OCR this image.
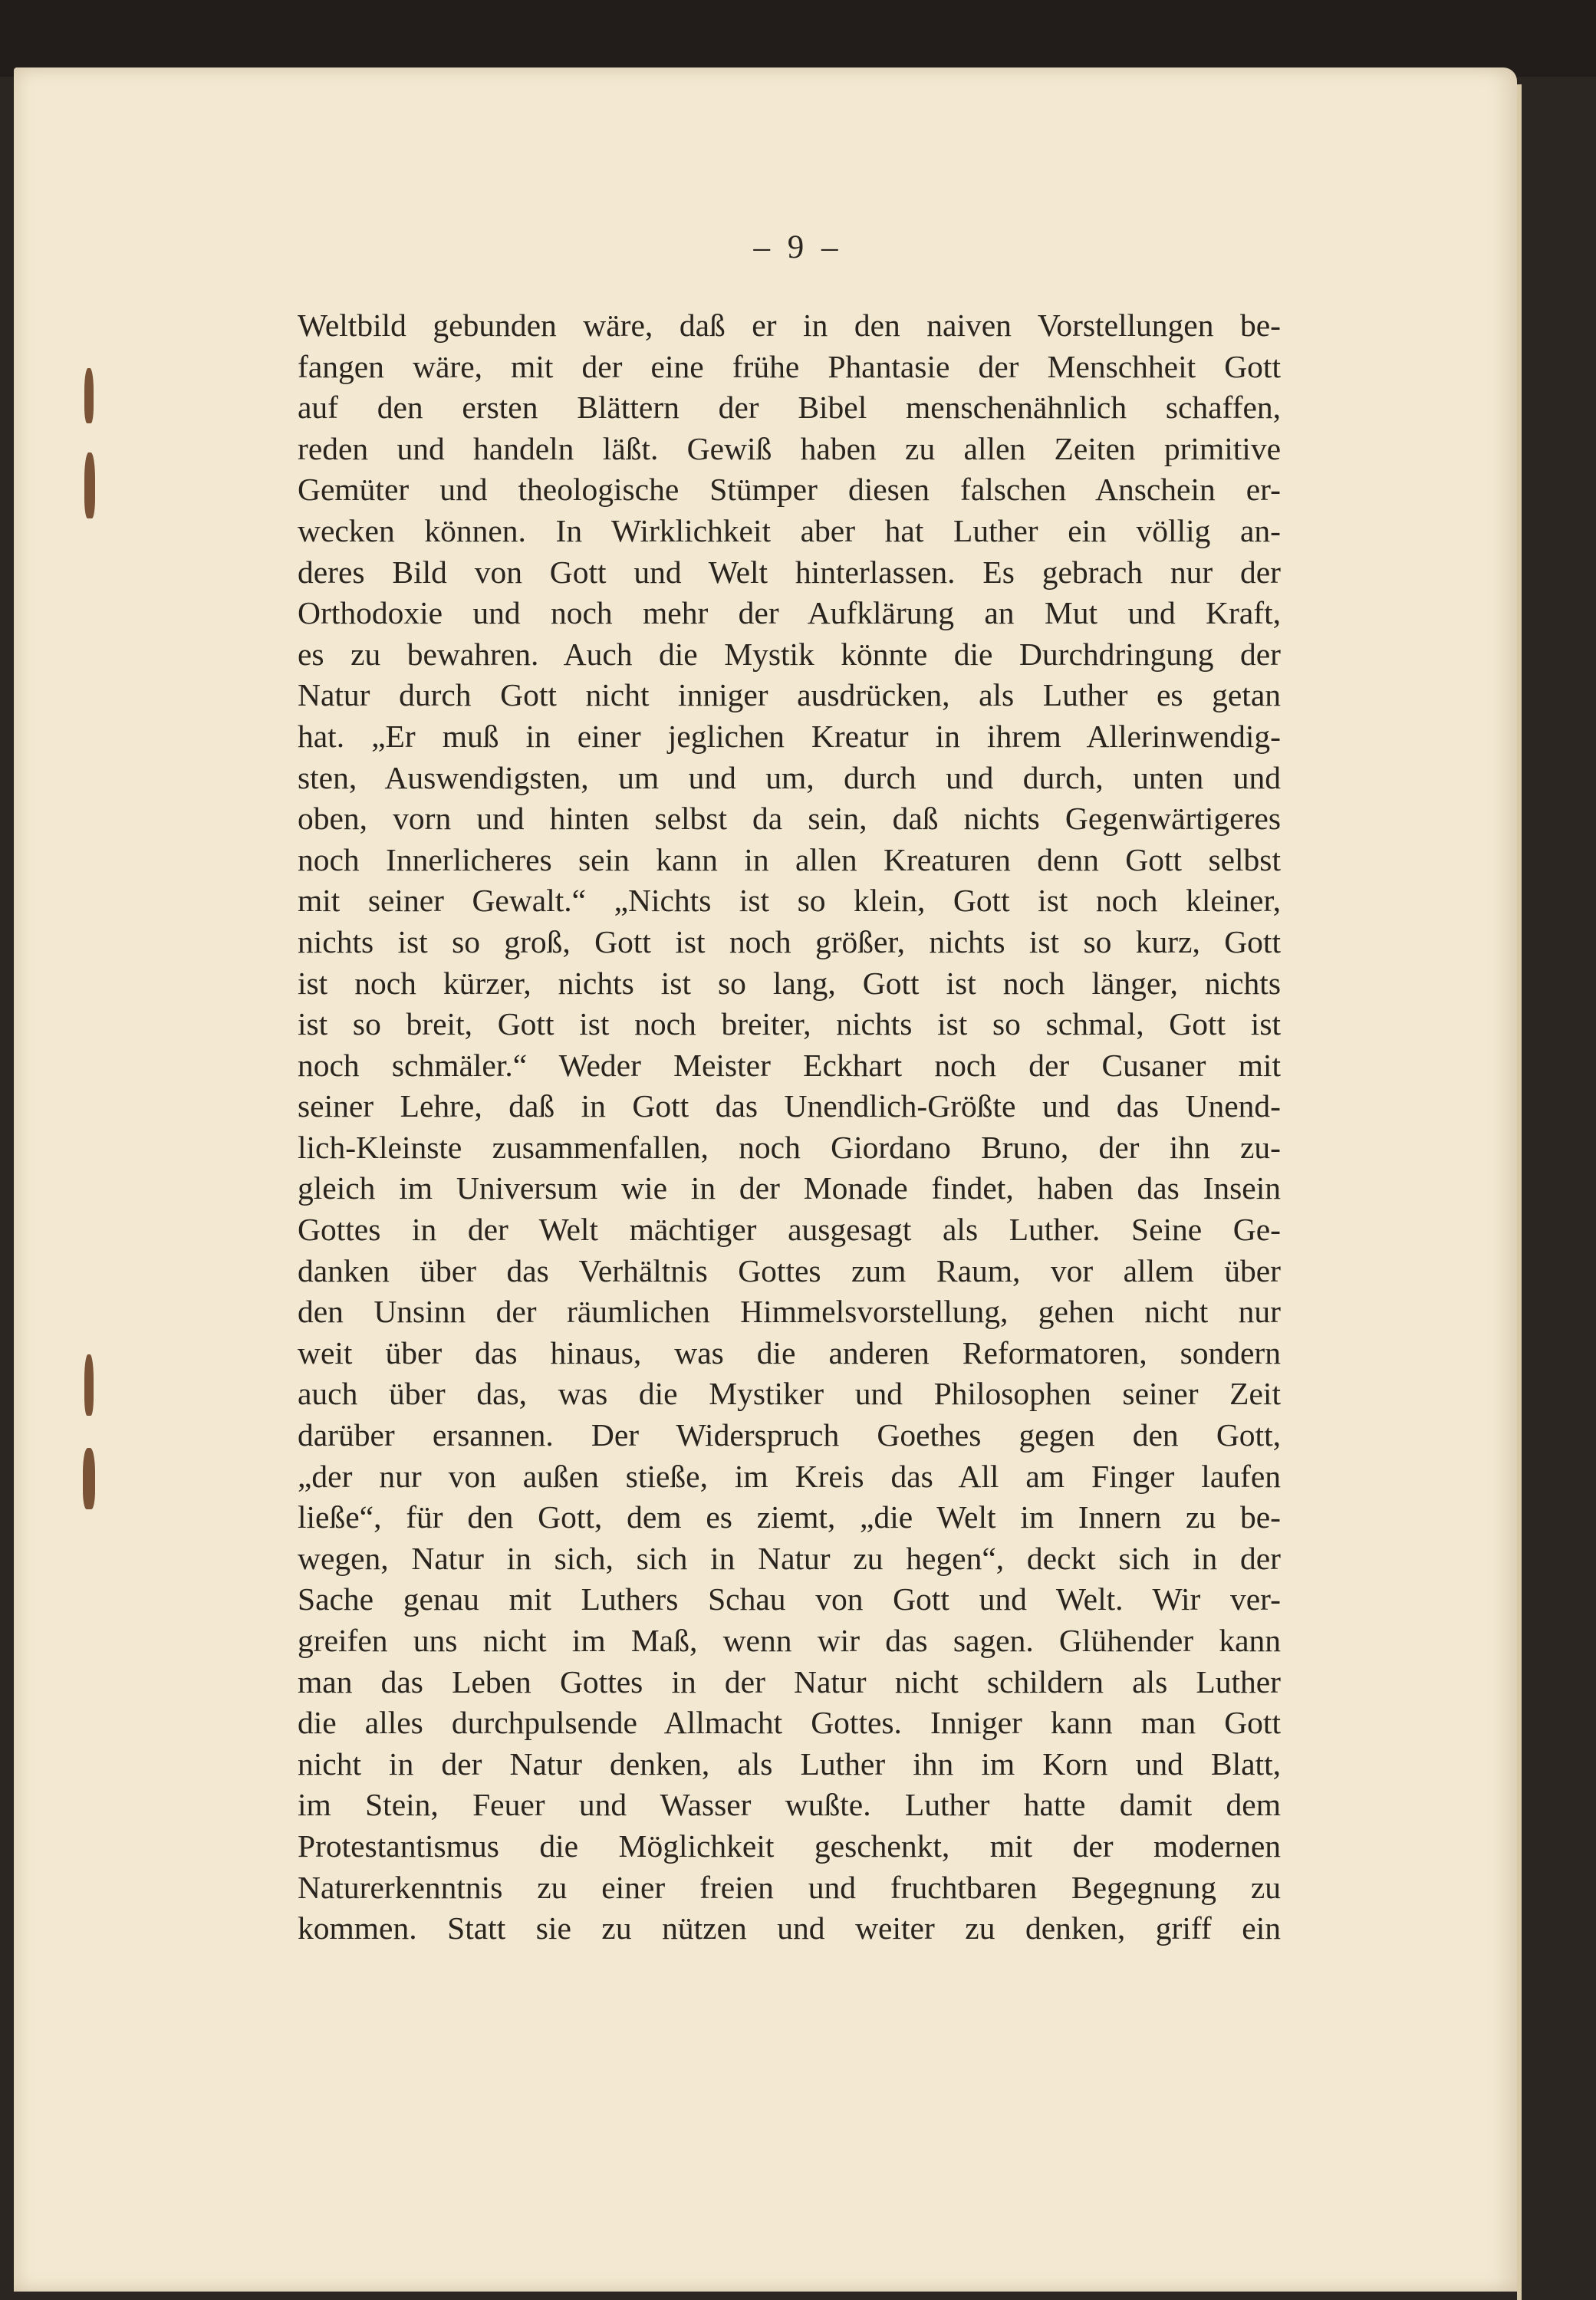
– 9 –
Weltbild gebunden wäre, daß er in den naiven Vorstellungen be-
fangen wäre, mit der eine frühe Phantasie der Menschheit Gott
auf den ersten Blättern der Bibel menschenähnlich schaffen,
reden und handeln läßt. Gewiß haben zu allen Zeiten primitive
Gemüter und theologische Stümper diesen falschen Anschein er-
wecken können. In Wirklichkeit aber hat Luther ein völlig an-
deres Bild von Gott und Welt hinterlassen. Es gebrach nur der
Orthodoxie und noch mehr der Aufklärung an Mut und Kraft,
es zu bewahren. Auch die Mystik könnte die Durchdringung der
Natur durch Gott nicht inniger ausdrücken, als Luther es getan
hat. „Er muß in einer jeglichen Kreatur in ihrem Allerinwendig-
sten, Auswendigsten, um und um, durch und durch, unten und
oben, vorn und hinten selbst da sein, daß nichts Gegenwärtigeres
noch Innerlicheres sein kann in allen Kreaturen denn Gott selbst
mit seiner Gewalt.“ „Nichts ist so klein, Gott ist noch kleiner,
nichts ist so groß, Gott ist noch größer, nichts ist so kurz, Gott
ist noch kürzer, nichts ist so lang, Gott ist noch länger, nichts
ist so breit, Gott ist noch breiter, nichts ist so schmal, Gott ist
noch schmäler.“ Weder Meister Eckhart noch der Cusaner mit
seiner Lehre, daß in Gott das Unendlich-Größte und das Unend-
lich-Kleinste zusammenfallen, noch Giordano Bruno, der ihn zu-
gleich im Universum wie in der Monade findet, haben das Insein
Gottes in der Welt mächtiger ausgesagt als Luther. Seine Ge-
danken über das Verhältnis Gottes zum Raum, vor allem über
den Unsinn der räumlichen Himmelsvorstellung, gehen nicht nur
weit über das hinaus, was die anderen Reformatoren, sondern
auch über das, was die Mystiker und Philosophen seiner Zeit
darüber ersannen. Der Widerspruch Goethes gegen den Gott,
„der nur von außen stieße, im Kreis das All am Finger laufen
ließe“, für den Gott, dem es ziemt, „die Welt im Innern zu be-
wegen, Natur in sich, sich in Natur zu hegen“, deckt sich in der
Sache genau mit Luthers Schau von Gott und Welt. Wir ver-
greifen uns nicht im Maß, wenn wir das sagen. Glühender kann
man das Leben Gottes in der Natur nicht schildern als Luther
die alles durchpulsende Allmacht Gottes. Inniger kann man Gott
nicht in der Natur denken, als Luther ihn im Korn und Blatt,
im Stein, Feuer und Wasser wußte. Luther hatte damit dem
Protestantismus die Möglichkeit geschenkt, mit der modernen
Naturerkenntnis zu einer freien und fruchtbaren Begegnung zu
kommen. Statt sie zu nützen und weiter zu denken, griff ein
